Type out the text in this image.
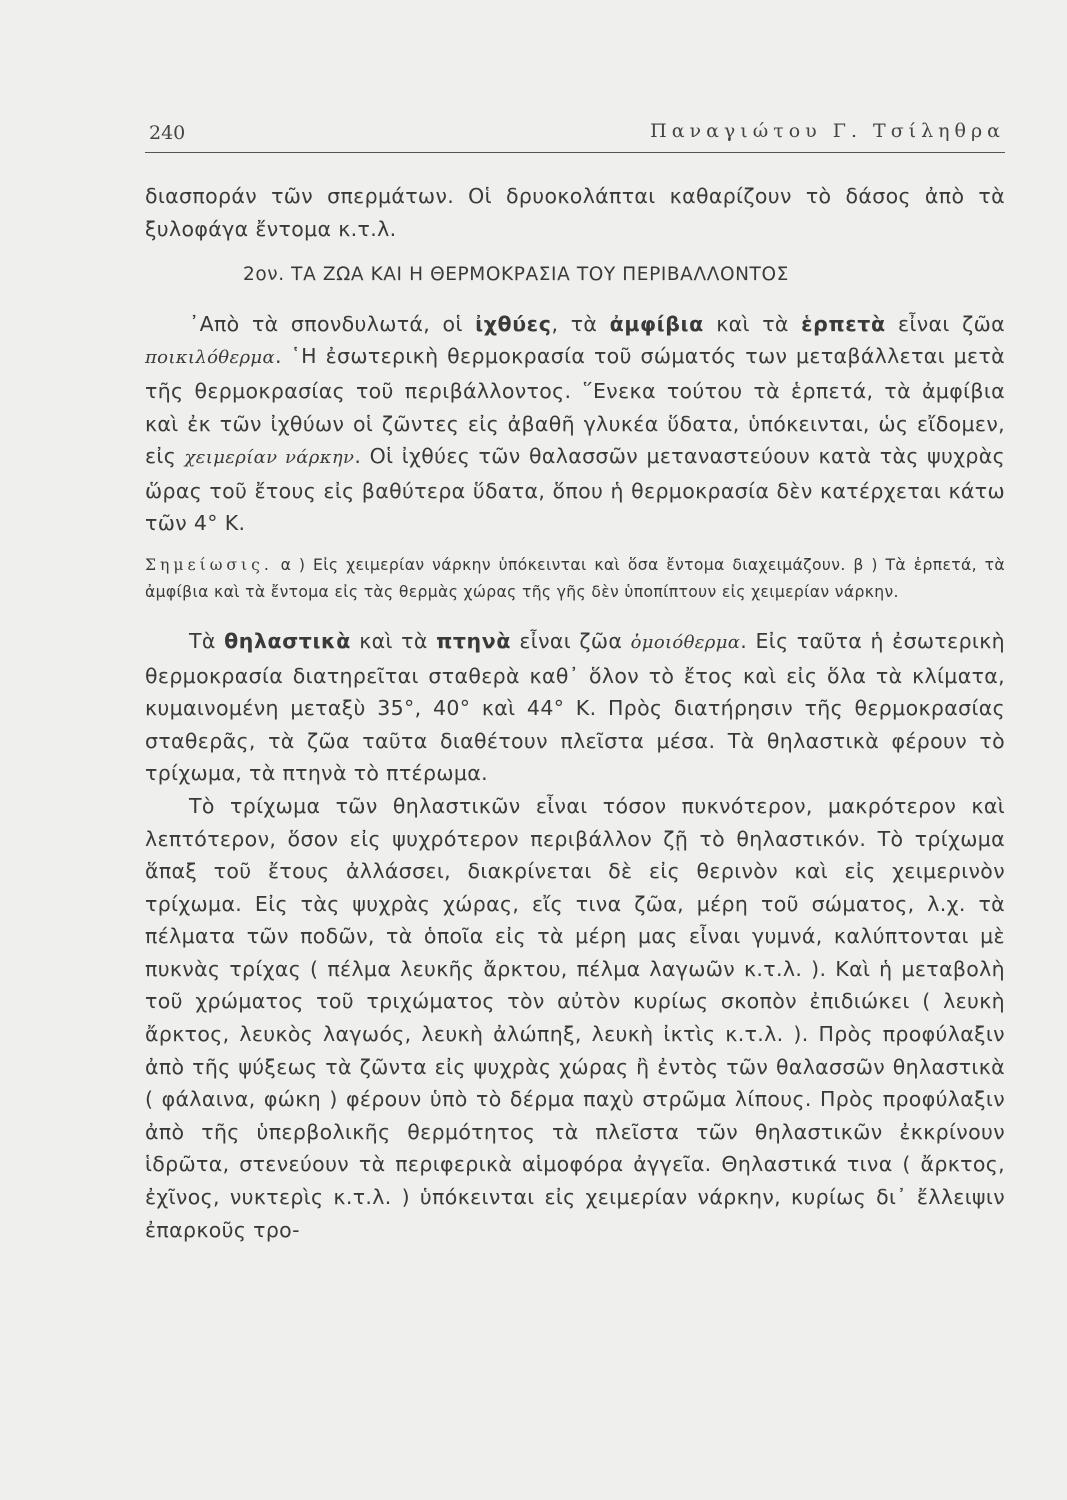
240	Παναγιώτου Γ. Τσίληθρα

διασποράν τῶν σπερμάτων. Οἱ δρυοκολάπται καθαρίζουν τὸ δάσος ἀπὸ τὰ ξυλοφάγα ἔντομα κ.τ.λ.

2ον. ΤΑ ΖΩΑ ΚΑΙ Η ΘΕΡΜΟΚΡΑΣΙΑ ΤΟΥ ΠΕΡΙΒΑΛΛΟΝΤΟΣ

᾿Απὸ τὰ σπονδυλωτά, οἱ ἰχθύες, τὰ ἀμφίβια καὶ τὰ ἑρπετὰ εἶναι ζῶα ποικιλόθερμα. ῾Η ἐσωτερικὴ θερμοκρασία τοῦ σώματός των μεταβάλλεται μετὰ τῆς θερμοκρασίας τοῦ περιβάλλοντος. ῞Ενεκα τούτου τὰ ἑρπετά, τὰ ἀμφίβια καὶ ἐκ τῶν ἰχθύων οἱ ζῶντες εἰς ἀβαθῆ γλυκέα ὕδατα, ὑπόκεινται, ὡς εἴδομεν, εἰς χειμερίαν νάρκην. Οἱ ἰχθύες τῶν θαλασσῶν μεταναστεύουν κατὰ τὰς ψυχρὰς ὥρας τοῦ ἔτους εἰς βαθύτερα ὕδατα, ὅπου ἡ θερμοκρασία δὲν κατέρχεται κάτω τῶν 4° Κ.

Σημείωσις. α ) Εἰς χειμερίαν νάρκην ὑπόκεινται καὶ ὅσα ἔντομα διαχειμάζουν. β ) Τὰ ἑρπετά, τὰ ἀμφίβια καὶ τὰ ἔντομα εἰς τὰς θερμὰς χώρας τῆς γῆς δὲν ὑποπίπτουν εἰς χειμερίαν νάρκην.

Τὰ θηλαστικὰ καὶ τὰ πτηνὰ εἶναι ζῶα ὁμοιόθερμα. Εἰς ταῦτα ἡ ἐσωτερικὴ θερμοκρασία διατηρεῖται σταθερὰ καθ᾿ ὅλον τὸ ἔτος καὶ εἰς ὅλα τὰ κλίματα, κυμαινομένη μεταξὺ 35°, 40° καὶ 44° Κ. Πρὸς διατήρησιν τῆς θερμοκρασίας σταθερᾶς, τὰ ζῶα ταῦτα διαθέτουν πλεῖστα μέσα. Τὰ θηλαστικὰ φέρουν τὸ τρίχωμα, τὰ πτηνὰ τὸ πτέρωμα.

Τὸ τρίχωμα τῶν θηλαστικῶν εἶναι τόσον πυκνότερον, μακρότερον καὶ λεπτότερον, ὅσον εἰς ψυχρότερον περιβάλλον ζῇ τὸ θηλαστικόν. Τὸ τρίχωμα ἅπαξ τοῦ ἔτους ἀλλάσσει, διακρίνεται δὲ εἰς θερινὸν καὶ εἰς χειμερινὸν τρίχωμα. Εἰς τὰς ψυχρὰς χώρας, εἴς τινα ζῶα, μέρη τοῦ σώματος, λ.χ. τὰ πέλματα τῶν ποδῶν, τὰ ὁποῖα εἰς τὰ μέρη μας εἶναι γυμνά, καλύπτονται μὲ πυκνὰς τρίχας ( πέλμα λευκῆς ἄρκτου, πέλμα λαγωῶν κ.τ.λ. ). Καὶ ἡ μεταβολὴ τοῦ χρώματος τοῦ τριχώματος τὸν αὐτὸν κυρίως σκοπὸν ἐπιδιώκει ( λευκὴ ἄρκτος, λευκὸς λαγωός, λευκὴ ἀλώπηξ, λευκὴ ἰκτὶς κ.τ.λ. ). Πρὸς προφύλαξιν ἀπὸ τῆς ψύξεως τὰ ζῶντα εἰς ψυχρὰς χώρας ἢ ἐντὸς τῶν θαλασσῶν θηλαστικὰ ( φάλαινα, φώκη ) φέρουν ὑπὸ τὸ δέρμα παχὺ στρῶμα λίπους. Πρὸς προφύλαξιν ἀπὸ τῆς ὑπερβολικῆς θερμότητος τὰ πλεῖστα τῶν θηλαστικῶν ἐκκρίνουν ἱδρῶτα, στενεύουν τὰ περιφερικὰ αἱμοφόρα ἀγγεῖα. Θηλαστικά τινα ( ἄρκτος, ἐχῖνος, νυκτερὶς κ.τ.λ. ) ὑπόκεινται εἰς χειμερίαν νάρκην, κυρίως δι᾿ ἔλλειψιν ἐπαρκοῦς τρο-
